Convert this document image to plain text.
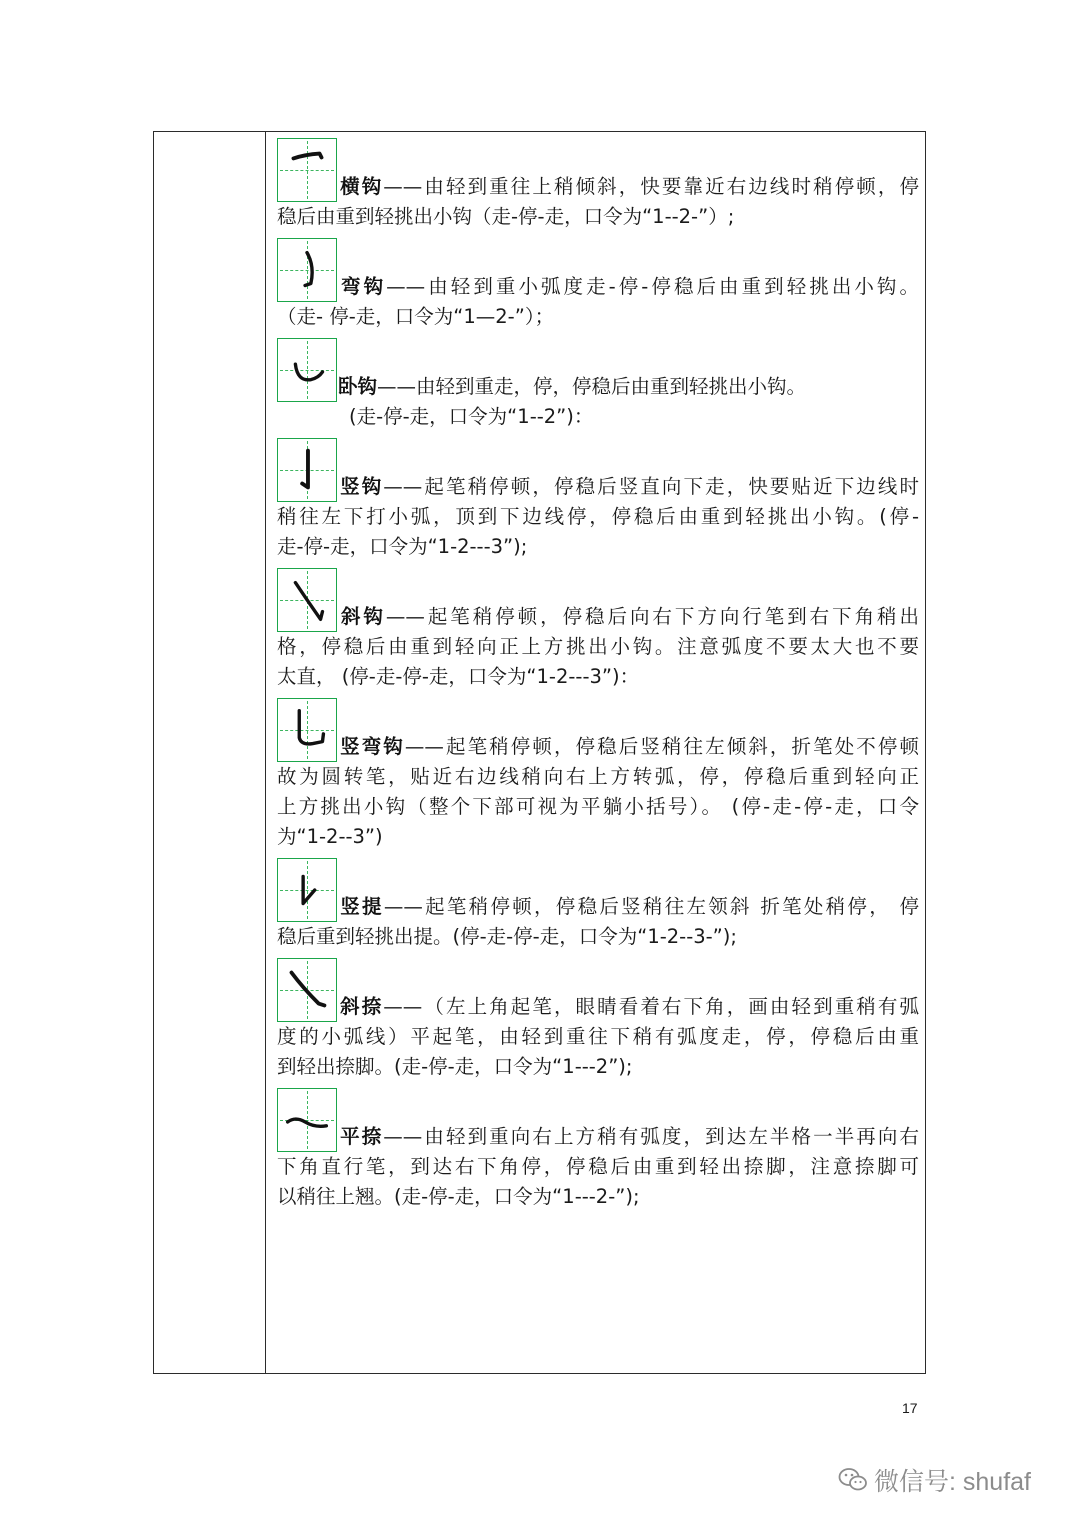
横钩——由轻到重往上稍倾斜，快要靠近右边线时稍停顿，停
稳后由重到轻挑出小钩（走-停-走，口令为“1--2-”）;
弯钩——由轻到重小弧度走-停-停稳后由重到轻挑出小钩。
（走- 停-走，口令为“1—2-”）；
卧钩——由轻到重走，停，停稳后由重到轻挑出小钩。
(走-停-走，口令为“1--2”)：
竖钩——起笔稍停顿，停稳后竖直向下走，快要贴近下边线时
稍往左下打小弧，顶到下边线停，停稳后由重到轻挑出小钩。(停-
走-停-走，口令为“1-2---3”);
斜钩——起笔稍停顿，停稳后向右下方向行笔到右下角稍出
格，停稳后由重到轻向正上方挑出小钩。注意弧度不要太大也不要
太直， (停-走-停-走，口令为“1-2---3”)：
竖弯钩——起笔稍停顿，停稳后竖稍往左倾斜，折笔处不停顿
故为圆转笔，贴近右边线稍向右上方转弧，停，停稳后重到轻向正
上方挑出小钩（整个下部可视为平躺小括号）。 (停-走-停-走，口令
为“1-2--3”)
竖提——起笔稍停顿，停稳后竖稍往左领斜 折笔处稍停， 停
稳后重到轻挑出提。(停-走-停-走，口令为“1-2--3-”);
斜捺——（左上角起笔，眼睛看着右下角，画由轻到重稍有弧
度的小弧线）平起笔，由轻到重往下稍有弧度走，停，停稳后由重
到轻出捺脚。(走-停-走，口令为“1---2”);
平捺——由轻到重向右上方稍有弧度，到达左半格一半再向右
下角直行笔，到达右下角停，停稳后由重到轻出捺脚，注意捺脚可
以稍往上翘。(走-停-走，口令为“1---2-”);
17
微信号: shufaf
